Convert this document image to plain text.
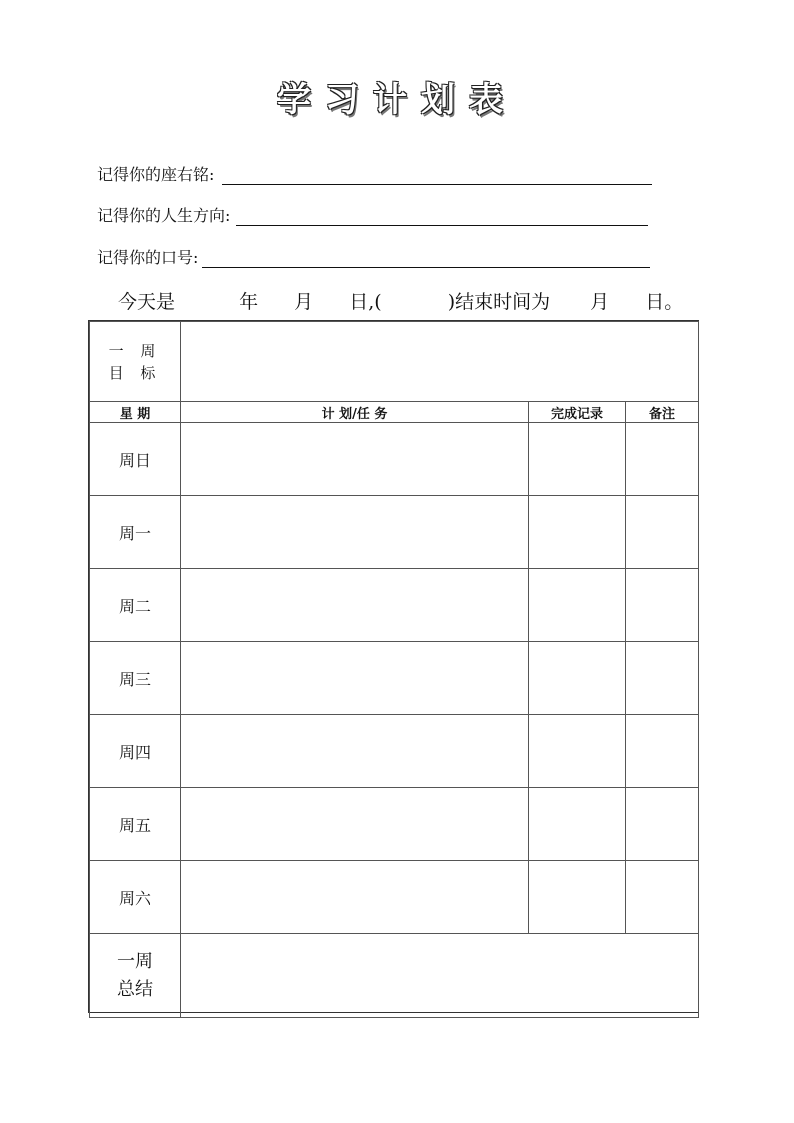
学习计划表
记得你的座右铭:
记得你的人生方向:
记得你的口号:
今天是	年 月 日,(	)结束时间为 月 日。
一 周
目 标			

星 期	计 划/任 务	完成记录	备注
周日			
周一			
周二			
周三			
周四			
周五			
周六			

一周
总结			
